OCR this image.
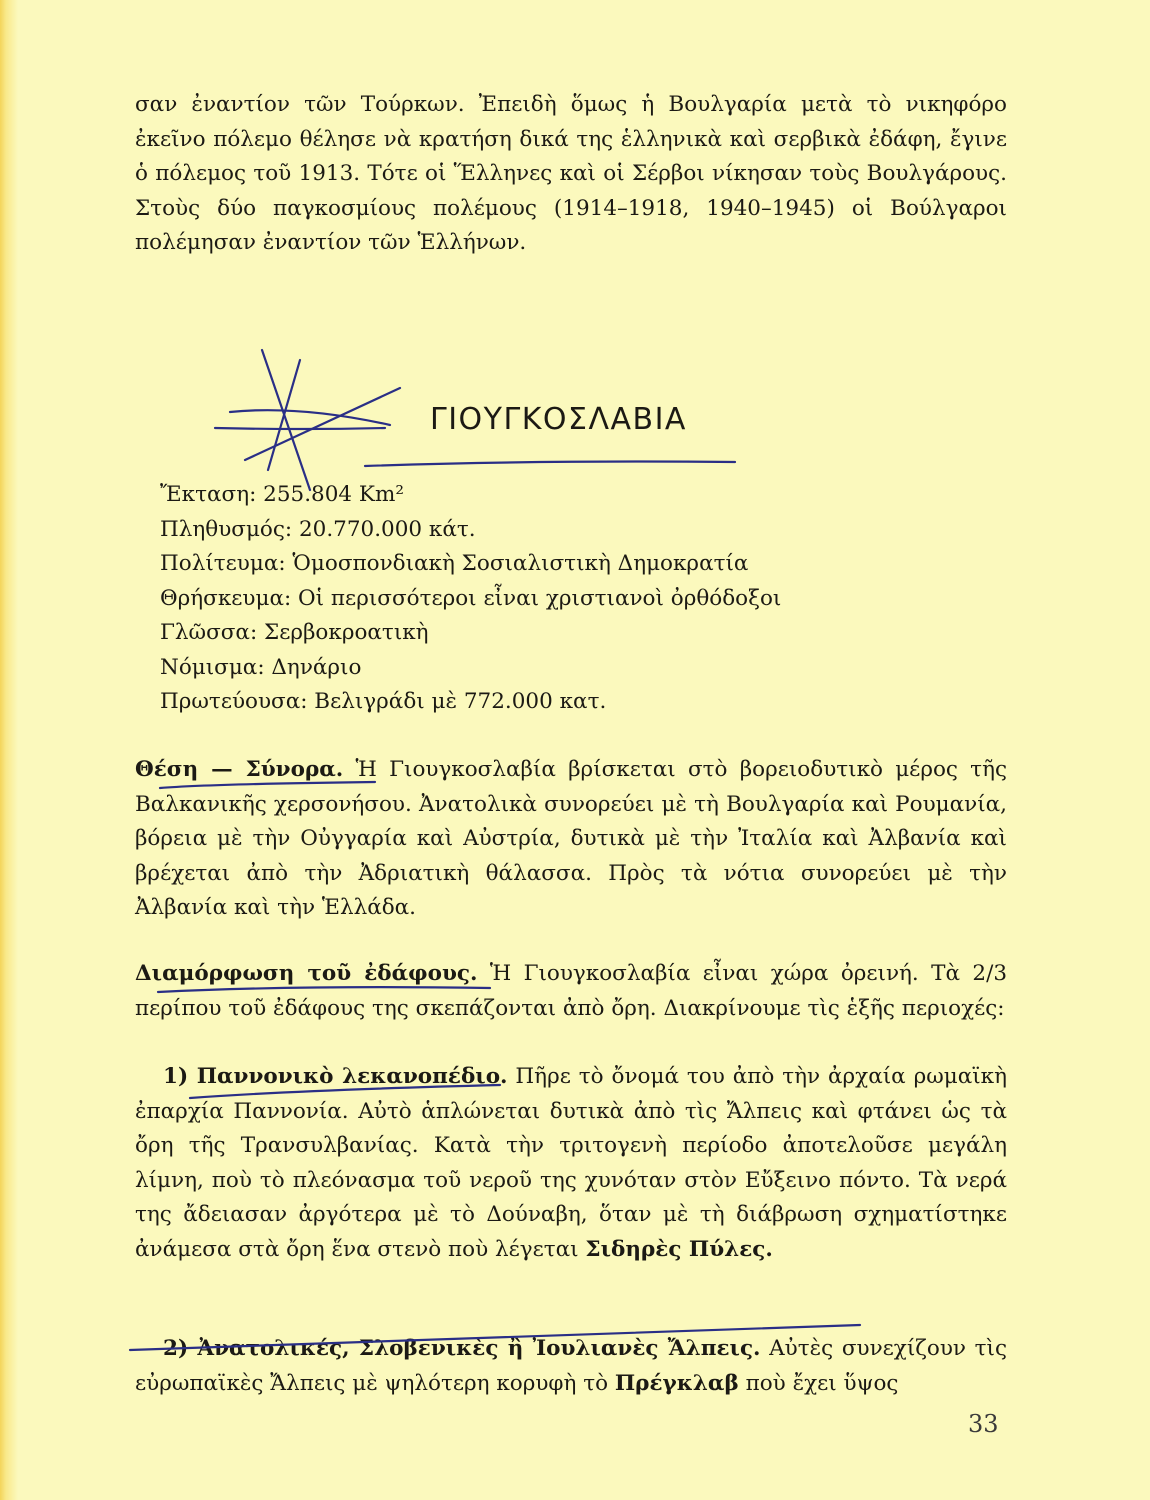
σαν ἐναντίον τῶν Τούρκων. Ἐπειδὴ ὅμως ἡ Βουλγαρία μετὰ τὸ νικηφόρο ἐκεῖνο πόλεμο θέλησε νὰ κρατήση δικά της ἑλληνικὰ καὶ σερβικὰ ἐδάφη, ἔγινε ὁ πόλεμος τοῦ 1913. Τότε οἱ Ἕλληνες καὶ οἱ Σέρβοι νίκησαν τοὺς Βουλγάρους. Στοὺς δύο παγκοσμίους πολέμους (1914–1918, 1940–1945) οἱ Βούλγαροι πολέμησαν ἐναντίον τῶν Ἑλλήνων.

ΓΙΟΥΓΚΟΣΛΑΒΙΑ
Ἔκταση: 255.804 Km²
Πληθυσμός: 20.770.000 κάτ.
Πολίτευμα: Ὁμοσπονδιακὴ Σοσιαλιστικὴ Δημοκρατία
Θρήσκευμα: Οἱ περισσότεροι εἶναι χριστιανοὶ ὀρθόδοξοι
Γλῶσσα: Σερβοκροατικὴ
Νόμισμα: Δηνάριο
Πρωτεύουσα: Βελιγράδι μὲ 772.000 κατ.

Θέση — Σύνορα. Ἡ Γιουγκοσλαβία βρίσκεται στὸ βορειοδυτικὸ μέρος τῆς Βαλκανικῆς χερσονήσου. Ἀνατολικὰ συνορεύει μὲ τὴ Βουλγαρία καὶ Ρουμανία, βόρεια μὲ τὴν Οὐγγαρία καὶ Αὐστρία, δυτικὰ μὲ τὴν Ἰταλία καὶ Ἀλβανία καὶ βρέχεται ἀπὸ τὴν Ἀδριατικὴ θάλασσα. Πρὸς τὰ νότια συνορεύει μὲ τὴν Ἀλβανία καὶ τὴν Ἑλλάδα.

Διαμόρφωση τοῦ ἐδάφους. Ἡ Γιουγκοσλαβία εἶναι χώρα ὀρεινή. Τὰ 2/3 περίπου τοῦ ἐδάφους της σκεπάζονται ἀπὸ ὄρη. Διακρίνουμε τὶς ἑξῆς περιοχές:

1) Παννονικὸ λεκανοπέδιο. Πῆρε τὸ ὄνομά του ἀπὸ τὴν ἀρχαία ρωμαϊκὴ ἐπαρχία Παννονία. Αὐτὸ ἁπλώνεται δυτικὰ ἀπὸ τὶς Ἄλπεις καὶ φτάνει ὡς τὰ ὄρη τῆς Τρανσυλβανίας. Κατὰ τὴν τριτογενὴ περίοδο ἀποτελοῦσε μεγάλη λίμνη, ποὺ τὸ πλεόνασμα τοῦ νεροῦ της χυνόταν στὸν Εὔξεινο πόντο. Τὰ νερά της ἄδειασαν ἀργότερα μὲ τὸ Δούναβη, ὅταν μὲ τὴ διάβρωση σχηματίστηκε ἀνάμεσα στὰ ὄρη ἕνα στενὸ ποὺ λέγεται Σιδηρὲς Πύλες.

2) Ἀνατολικές, Σλοβενικὲς ἢ Ἰουλιανὲς Ἄλπεις. Αὐτὲς συνεχίζουν τὶς εὐρωπαϊκὲς Ἄλπεις μὲ ψηλότερη κορυφὴ τὸ Πρέγκλαβ ποὺ ἔχει ὕψος

33
